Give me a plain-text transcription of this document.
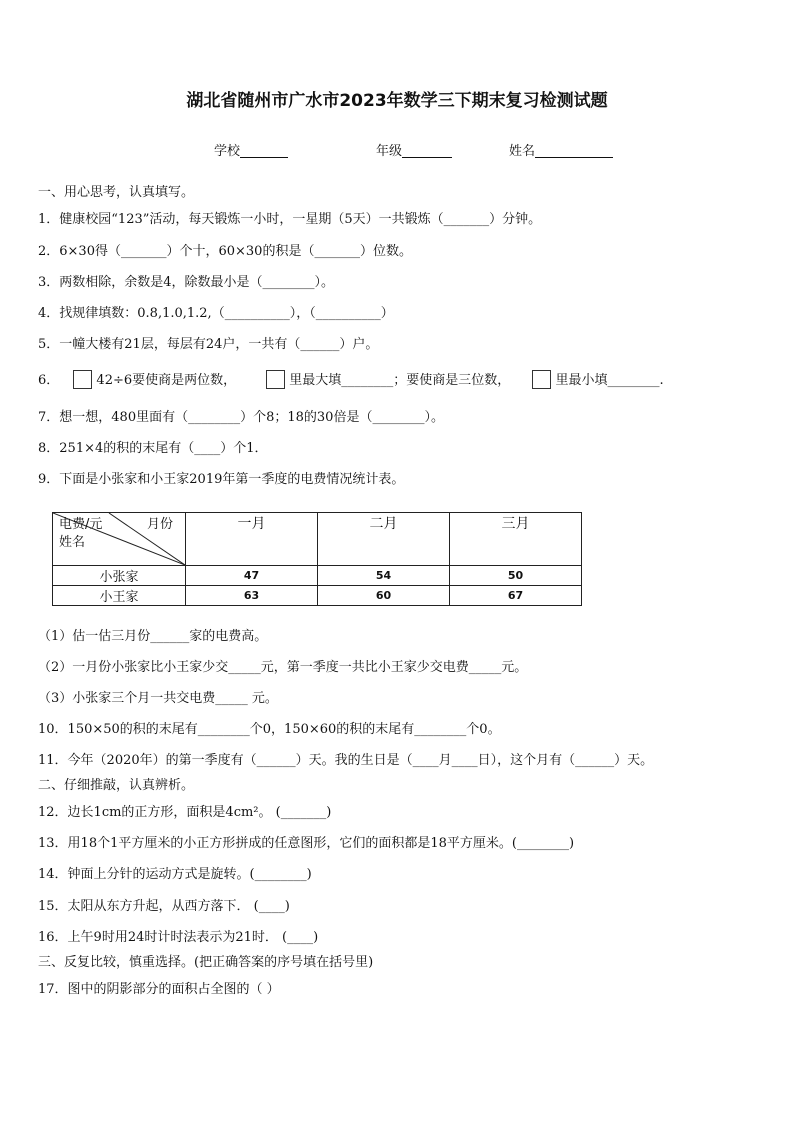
湖北省随州市广水市2023年数学三下期末复习检测试题
学校	年级	姓名
一、用心思考，认真填写。
1．健康校园“123”活动，每天锻炼一小时，一星期（5天）一共锻炼（_______）分钟。
2．6×30得（_______）个十，60×30的积是（_______）位数。
3．两数相除，余数是4，除数最小是（________）。
4．找规律填数：0.8,1.0,1.2,（__________），（__________）
5．一幢大楼有21层，每层有24户，一共有（______）户。
6．	42÷6要使商是两位数，	里最大填________；要使商是三位数，	里最小填________.
7．想一想，480里面有（________）个8；18的30倍是（________）。
8．251×4的积的末尾有（____）个1．
9．下面是小张家和小王家2019年第一季度的电费情况统计表。
电费/元 月份
姓名	一月	二月	三月
小张家	47	54	50
小王家	63	60	67
（1）估一估三月份______家的电费高。
（2）一月份小张家比小王家少交_____元，第一季度一共比小王家少交电费_____元。
（3）小张家三个月一共交电费_____ 元。
10．150×50的积的末尾有________个0，150×60的积的末尾有________个0。
11．今年（2020年）的第一季度有（______）天。我的生日是（____月____日），这个月有（______）天。
二、仔细推敲，认真辨析。
12．边长1cm的正方形，面积是4cm²。 (_______)
13．用18个1平方厘米的小正方形拼成的任意图形，它们的面积都是18平方厘米。(________)
14．钟面上分针的运动方式是旋转。(________)
15．太阳从东方升起，从西方落下． (____)
16．上午9时用24时计时法表示为21时． (____)
三、反复比较，慎重选择。(把正确答案的序号填在括号里)
17．图中的阴影部分的面积占全图的（ ）
